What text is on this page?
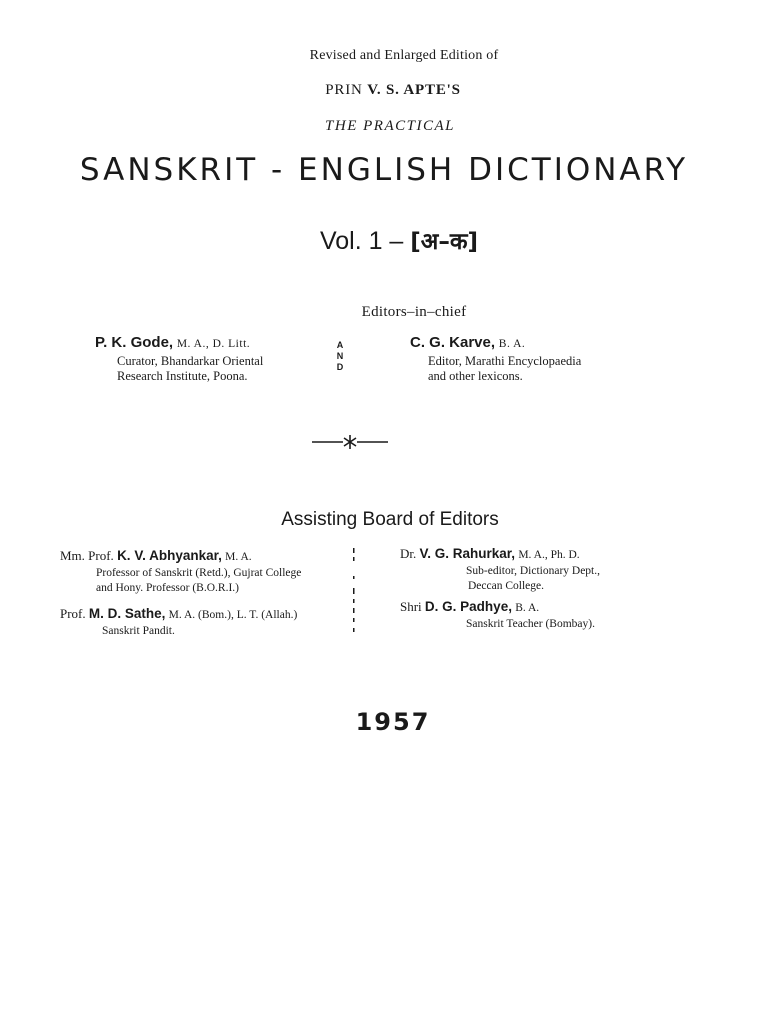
Revised and Enlarged Edition of
PRIN V. S. APTE'S
THE PRACTICAL
SANSKRIT - ENGLISH DICTIONARY
Vol. 1 – [अ–क]
Editors–in–chief
P. K. Gode, M. A., D. Litt.
Curator, Bhandarkar Oriental
Research Institute, Poona.
A
N
D
C. G. Karve, B. A.
Editor, Marathi Encyclopaedia
and other lexicons.
Assisting Board of Editors
Mm. Prof. K. V. Abhyankar, M. A.
Professor of Sanskrit (Retd.), Gujrat College
and Hony. Professor (B.O.R.I.)
Prof. M. D. Sathe, M. A. (Bom.), L. T. (Allah.)
Sanskrit Pandit.
Dr. V. G. Rahurkar, M. A., Ph. D.
Sub-editor, Dictionary Dept.,
Deccan College.
Shri D. G. Padhye, B. A.
Sanskrit Teacher (Bombay).
1957
